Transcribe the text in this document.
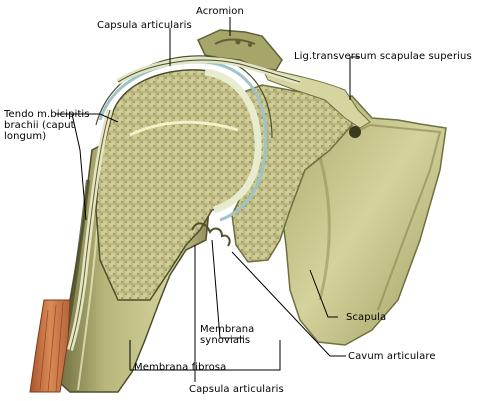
Acromion
Capsula articularis
Lig.transversum scapulae superius
Tendo m.bicipitis
brachii (caput
longum)
Scapula
Membrana
synovialis
Cavum articulare
Membrana fibrosa
Capsula articularis
